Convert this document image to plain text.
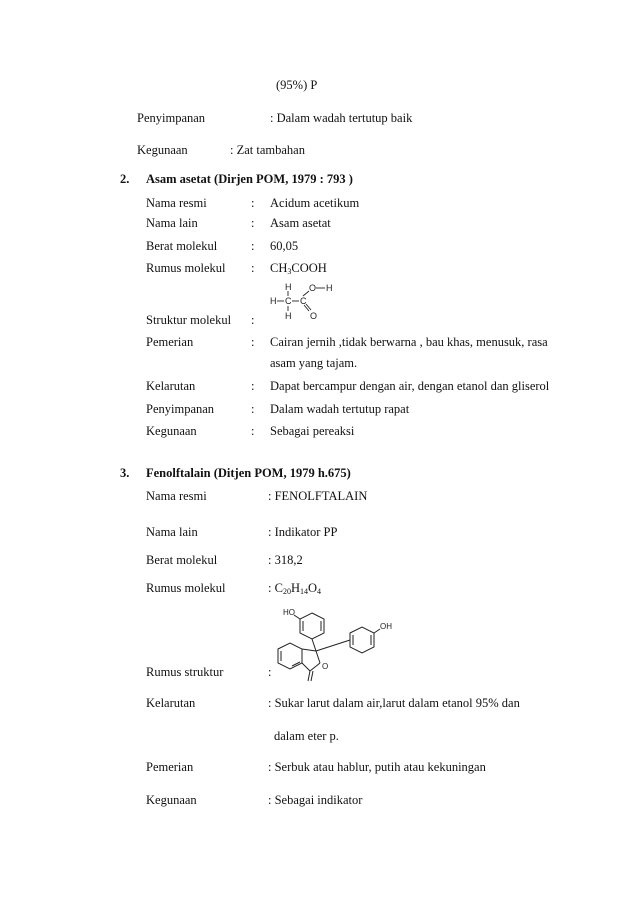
(95%) P
Penyimpanan	: Dalam wadah tertutup baik
Kegunaan	: Zat tambahan
2. Asam asetat (Dirjen POM, 1979 : 793 )
Nama resmi	: Acidum acetikum
Nama lain	: Asam asetat
Berat molekul	: 60,05
Rumus molekul : $CH_3COOH$
H
H C C
O H
H O
Struktur molekul :
Pemerian	: Cairan jernih ,tidak berwarna , bau khas, menusuk, rasa
asam yang tajam.
Kelarutan	: Dapat bercampur dengan air, dengan etanol dan gliserol
Penyimpanan	: Dalam wadah tertutup rapat
Kegunaan	: Sebagai pereaksi
3. Fenolftalain (Ditjen POM, 1979 h.675)
Nama resmi	: FENOLFTALAIN
Nama lain	: Indikator PP
Berat molekul	: 318,2
Rumus molekul	: $C_{20}H_{14}O_4$
HO
OH
O
Rumus struktur	:
Kelarutan	: Sukar larut dalam air,larut dalam etanol 95% dan
dalam eter p.
Pemerian	: Serbuk atau hablur, putih atau kekuningan
Kegunaan	: Sebagai indikator
